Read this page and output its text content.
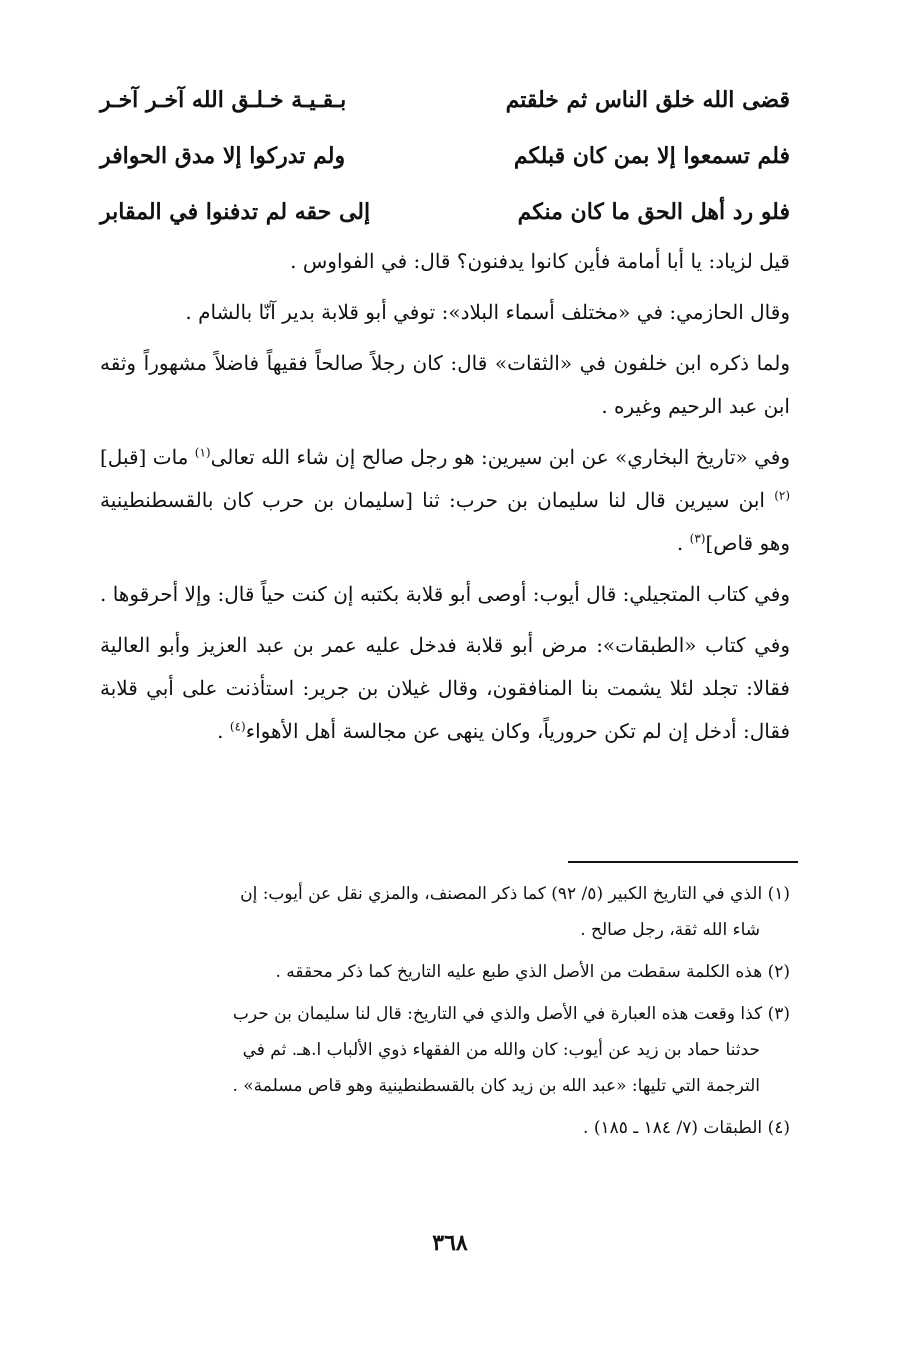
قضى الله خلق الناس ثم خلقتم
بـقـيـة خـلـق الله آخـر آخـر
فلم تسمعوا إلا بمن كان قبلكم
ولم تدركوا إلا مدق الحوافر
فلو رد أهل الحق ما كان منكم
إلى حقه لم تدفنوا في المقابر

قيل لزياد: يا أبا أمامة فأين كانوا يدفنون؟ قال: في الفواوس .

وقال الحازمي: في «مختلف أسماء البلاد»: توفي أبو قلابة بدير آنّا بالشام .

ولما ذكره ابن خلفون في «الثقات» قال: كان رجلاً صالحاً فقيهاً فاضلاً مشهوراً وثقه ابن عبد الرحيم وغيره .

وفي «تاريخ البخاري» عن ابن سيرين: هو رجل صالح إن شاء الله تعالى$^{(١)}$ مات [قبل]$^{(٢)}$ ابن سيرين قال لنا سليمان بن حرب: ثنا [سليمان بن حرب كان بالقسطنطينية وهو قاص]$^{(٣)}$ .

وفي كتاب المتجيلي: قال أيوب: أوصى أبو قلابة بكتبه إن كنت حياً قال: وإلا أحرقوها .

وفي كتاب «الطبقات»: مرض أبو قلابة فدخل عليه عمر بن عبد العزيز وأبو العالية فقالا: تجلد لئلا يشمت بنا المنافقون، وقال غيلان بن جرير: استأذنت على أبي قلابة فقال: أدخل إن لم تكن حرورياً، وكان ينهى عن مجالسة أهل الأهواء$^{(٤)}$ .

(١) الذي في التاريخ الكبير (٥/ ٩٢) كما ذكر المصنف، والمزي نقل عن أيوب: إن
شاء الله ثقة، رجل صالح .
(٢) هذه الكلمة سقطت من الأصل الذي طبع عليه التاريخ كما ذكر محققه .
(٣) كذا وقعت هذه العبارة في الأصل والذي في التاريخ: قال لنا سليمان بن حرب
حدثنا حماد بن زيد عن أيوب: كان والله من الفقهاء ذوي الألباب ا.هـ. ثم في
الترجمة التي تليها: «عبد الله بن زيد كان بالقسطنطينية وهو قاص مسلمة» .
(٤) الطبقات (٧/ ١٨٤ ـ ١٨٥) .
٣٦٨
